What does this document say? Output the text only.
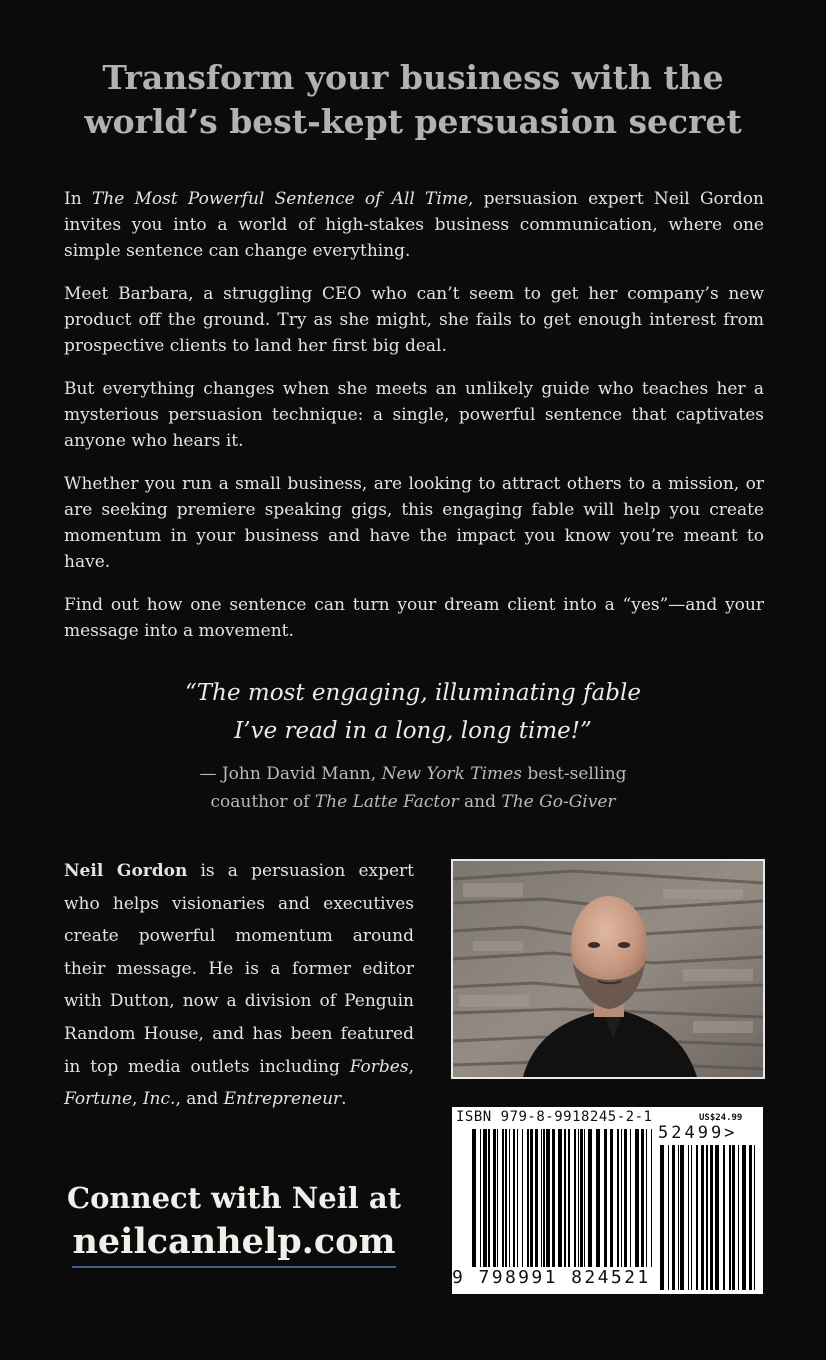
Transform your business with the
world’s best-kept persuasion secret

In The Most Powerful Sentence of All Time, persuasion expert Neil Gordon invites you into a world of high-stakes business communication, where one simple sentence can change everything.

Meet Barbara, a struggling CEO who can’t seem to get her company’s new product off the ground. Try as she might, she fails to get enough interest from prospective clients to land her first big deal.

But everything changes when she meets an unlikely guide who teaches her a mysterious persuasion technique: a single, powerful sentence that captivates anyone who hears it.

Whether you run a small business, are looking to attract others to a mission, or are seeking premiere speaking gigs, this engaging fable will help you create momentum in your business and have the impact you know you’re meant to have.

Find out how one sentence can turn your dream client into a “yes”—and your message into a movement.

“The most engaging, illuminating fable
I’ve read in a long, long time!”
— John David Mann, New York Times best-selling
coauthor of The Latte Factor and The Go-Giver
Neil Gordon is a persuasion expert who helps visionaries and executives create powerful momentum around their message. He is a former editor with Dutton, now a division of Penguin Random House, and has been featured in top media outlets including Forbes, Fortune, Inc., and Entrepreneur.
ISBN 979-8-9918245-2-1	US$24.99
52499>
9 798991 824521
Connect with Neil at
neilcanhelp.com
